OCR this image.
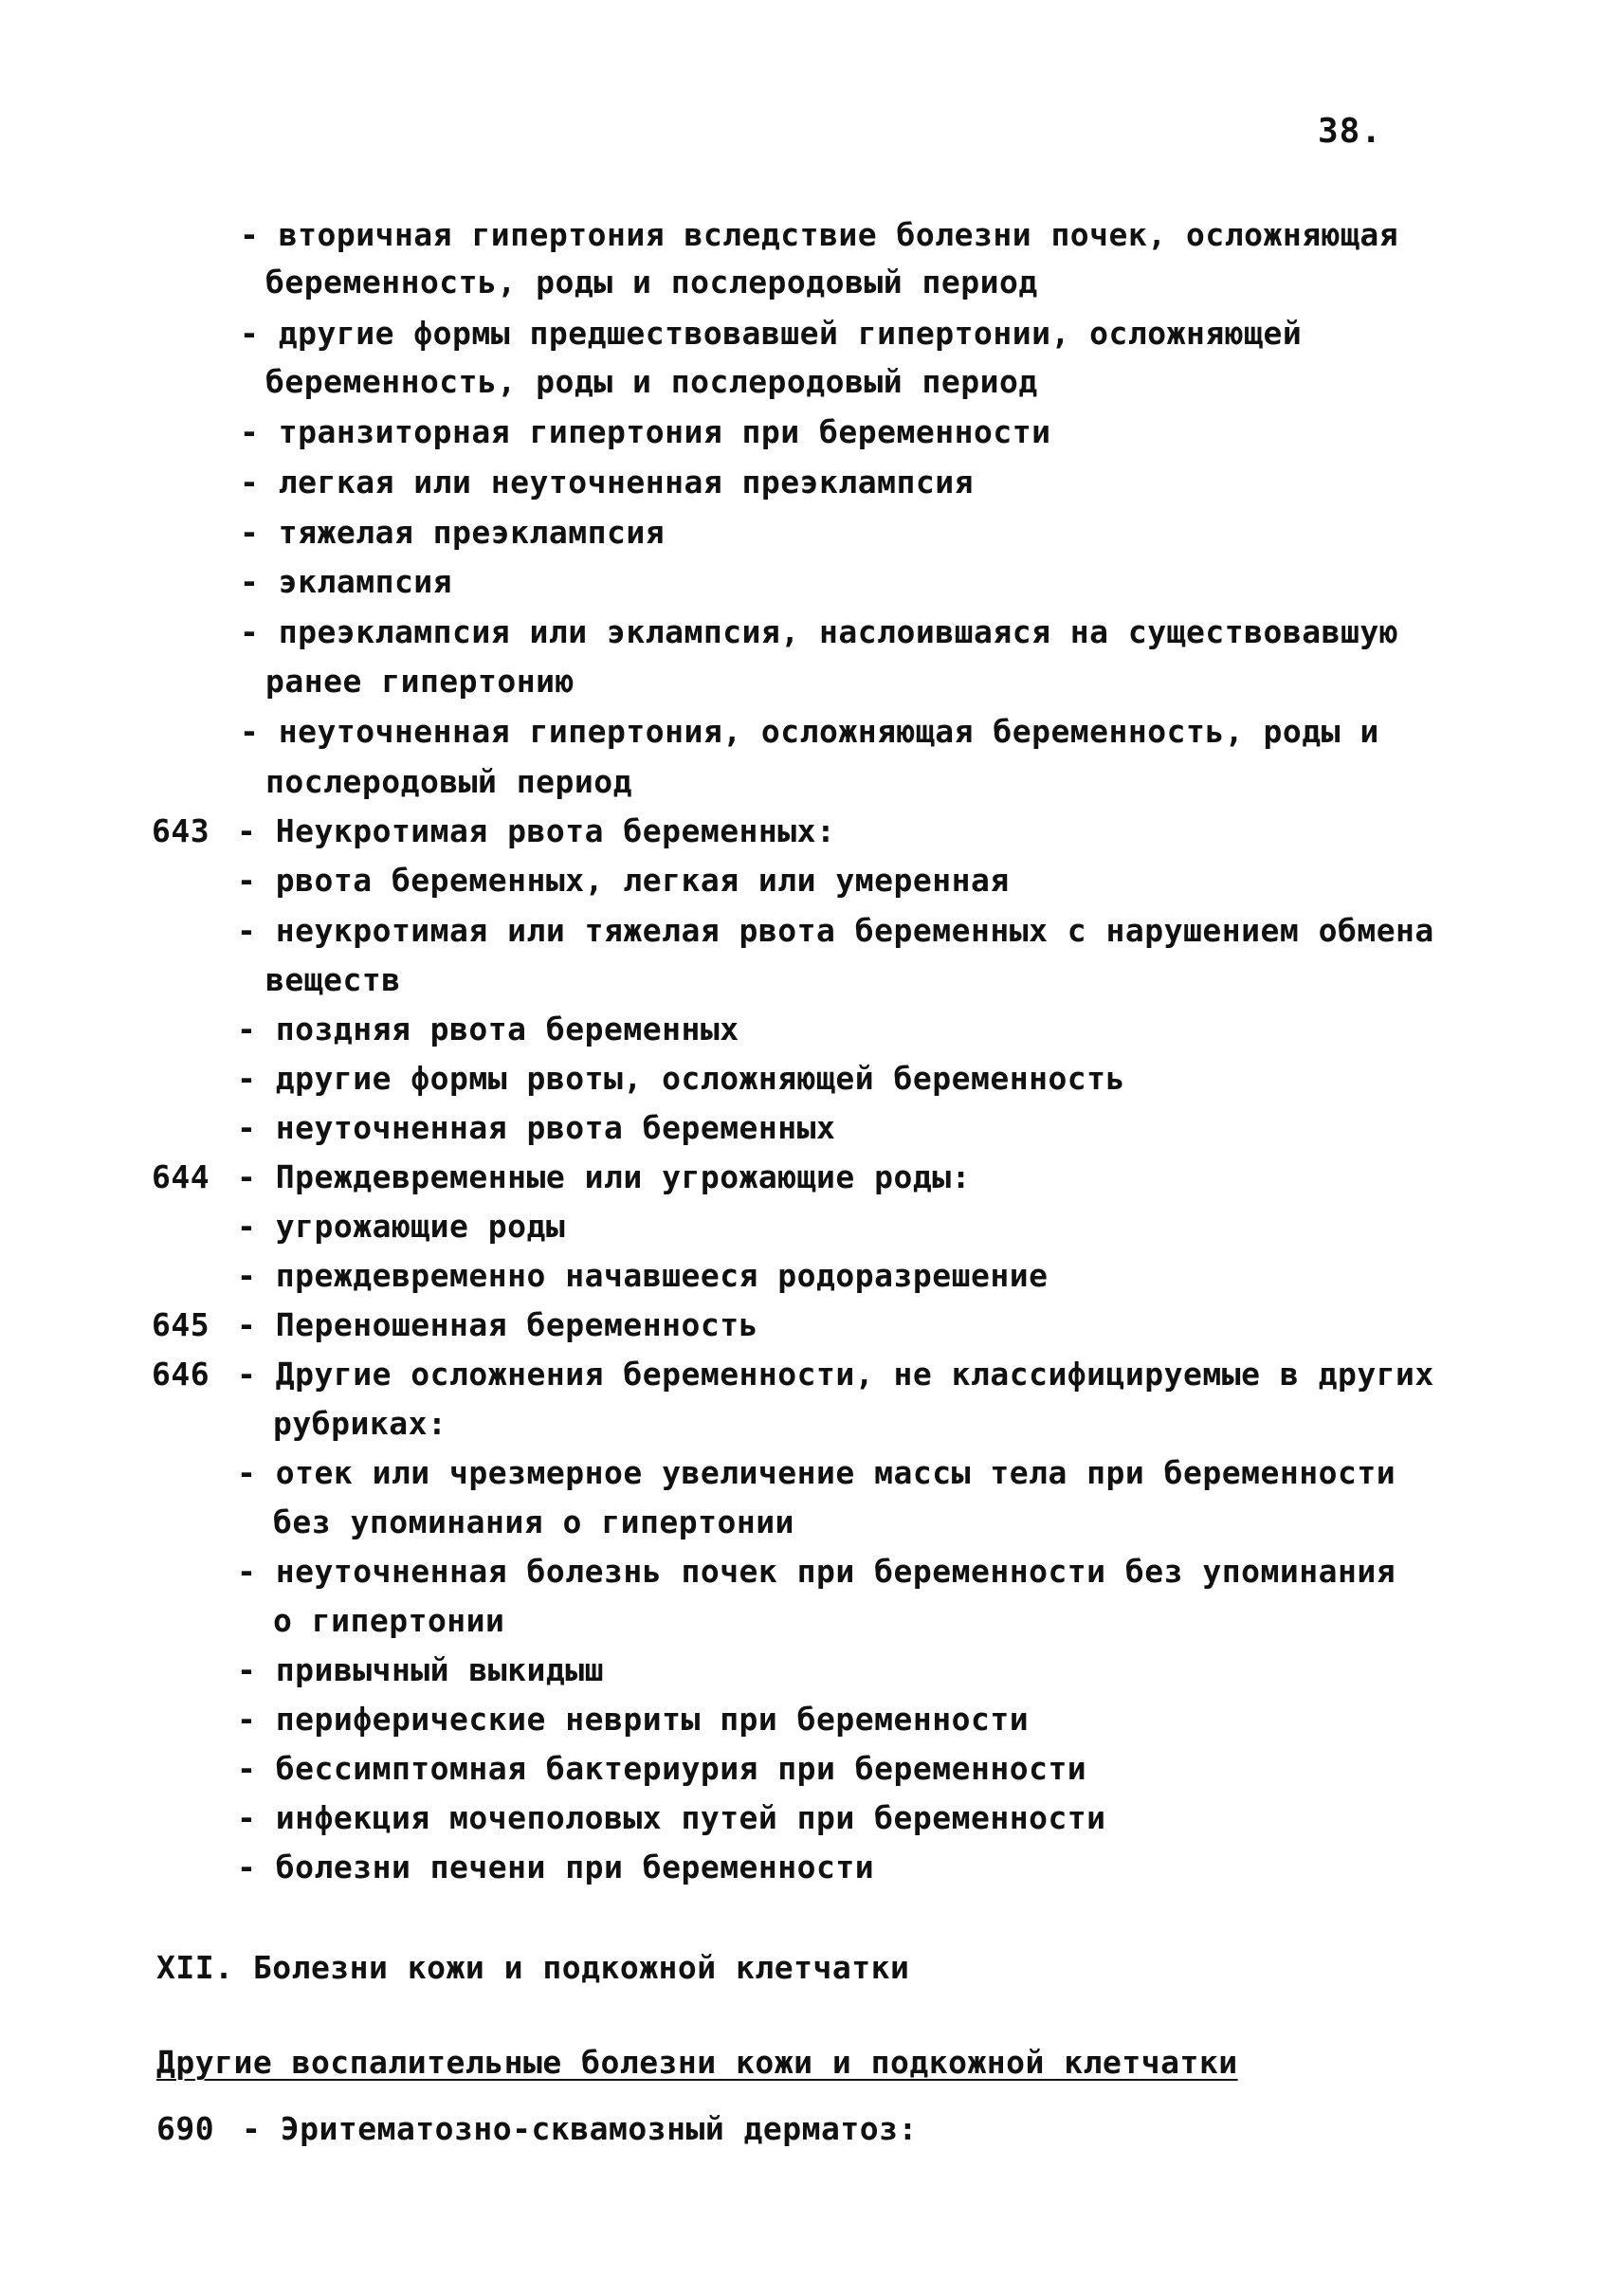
38.
- вторичная гипертония вследствие болезни почек, осложняющая
беременность, роды и послеродовый период
- другие формы предшествовавшей гипертонии, осложняющей
беременность, роды и послеродовый период
- транзиторная гипертония при беременности
- легкая или неуточненная преэклампсия
- тяжелая преэклампсия
- эклампсия
- преэклампсия или эклампсия, наслоившаяся на существовавшую
ранее гипертонию
- неуточненная гипертония, осложняющая беременность, роды и
послеродовый период
643 - Неукротимая рвота беременных:
- рвота беременных, легкая или умеренная
- неукротимая или тяжелая рвота беременных с нарушением обмена
веществ
- поздняя рвота беременных
- другие формы рвоты, осложняющей беременность
- неуточненная рвота беременных
644 - Преждевременные или угрожающие роды:
- угрожающие роды
- преждевременно начавшееся родоразрешение
645 - Переношенная беременность
646 - Другие осложнения беременности, не классифицируемые в других
рубриках:
- отек или чрезмерное увеличение массы тела при беременности
без упоминания о гипертонии
- неуточненная болезнь почек при беременности без упоминания
о гипертонии
- привычный выкидыш
- периферические невриты при беременности
- бессимптомная бактериурия при беременности
- инфекция мочеполовых путей при беременности
- болезни печени при беременности
XII. Болезни кожи и подкожной клетчатки
Другие воспалительные болезни кожи и подкожной клетчатки
690 - Эритематозно-сквамозный дерматоз:
